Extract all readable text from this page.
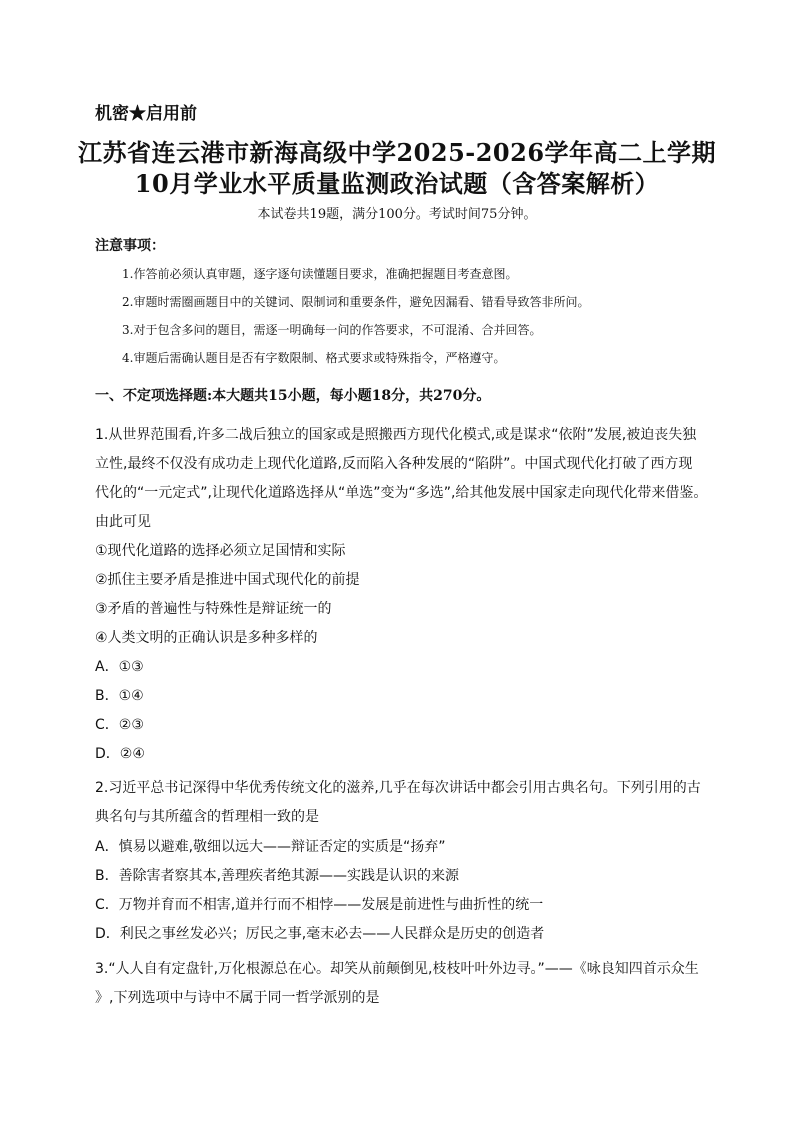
机密★启用前
江苏省连云港市新海高级中学2025-2026学年高二上学期
10月学业水平质量监测政治试题（含答案解析）
本试卷共19题，满分100分。考试时间75分钟。
注意事项：
1.作答前必须认真审题，逐字逐句读懂题目要求，准确把握题目考查意图。
2.审题时需圈画题目中的关键词、限制词和重要条件，避免因漏看、错看导致答非所问。
3.对于包含多问的题目，需逐一明确每一问的作答要求，不可混淆、合并回答。
4.审题后需确认题目是否有字数限制、格式要求或特殊指令，严格遵守。
一、不定项选择题:本大题共15小题，每小题18分，共270分。
1.从世界范围看,许多二战后独立的国家或是照搬西方现代化模式,或是谋求“依附”发展,被迫丧失独
立性,最终不仅没有成功走上现代化道路,反而陷入各种发展的“陷阱”。中国式现代化打破了西方现
代化的“一元定式”,让现代化道路选择从“单选”变为“多选”,给其他发展中国家走向现代化带来借鉴。
由此可见
①现代化道路的选择必须立足国情和实际
②抓住主要矛盾是推进中国式现代化的前提
③矛盾的普遍性与特殊性是辩证统一的
④人类文明的正确认识是多种多样的
A．①③
B．①④
C．②③
D．②④
2.习近平总书记深得中华优秀传统文化的滋养,几乎在每次讲话中都会引用古典名句。下列引用的古
典名句与其所蕴含的哲理相一致的是
A．慎易以避难,敬细以远大——辩证否定的实质是“扬弃”
B．善除害者察其本,善理疾者绝其源——实践是认识的来源
C．万物并育而不相害,道并行而不相悖——发展是前进性与曲折性的统一
D．利民之事丝发必兴；厉民之事,毫末必去——人民群众是历史的创造者
3.“人人自有定盘针,万化根源总在心。却笑从前颠倒见,枝枝叶叶外边寻。”——《咏良知四首示众生
》,下列选项中与诗中不属于同一哲学派别的是
